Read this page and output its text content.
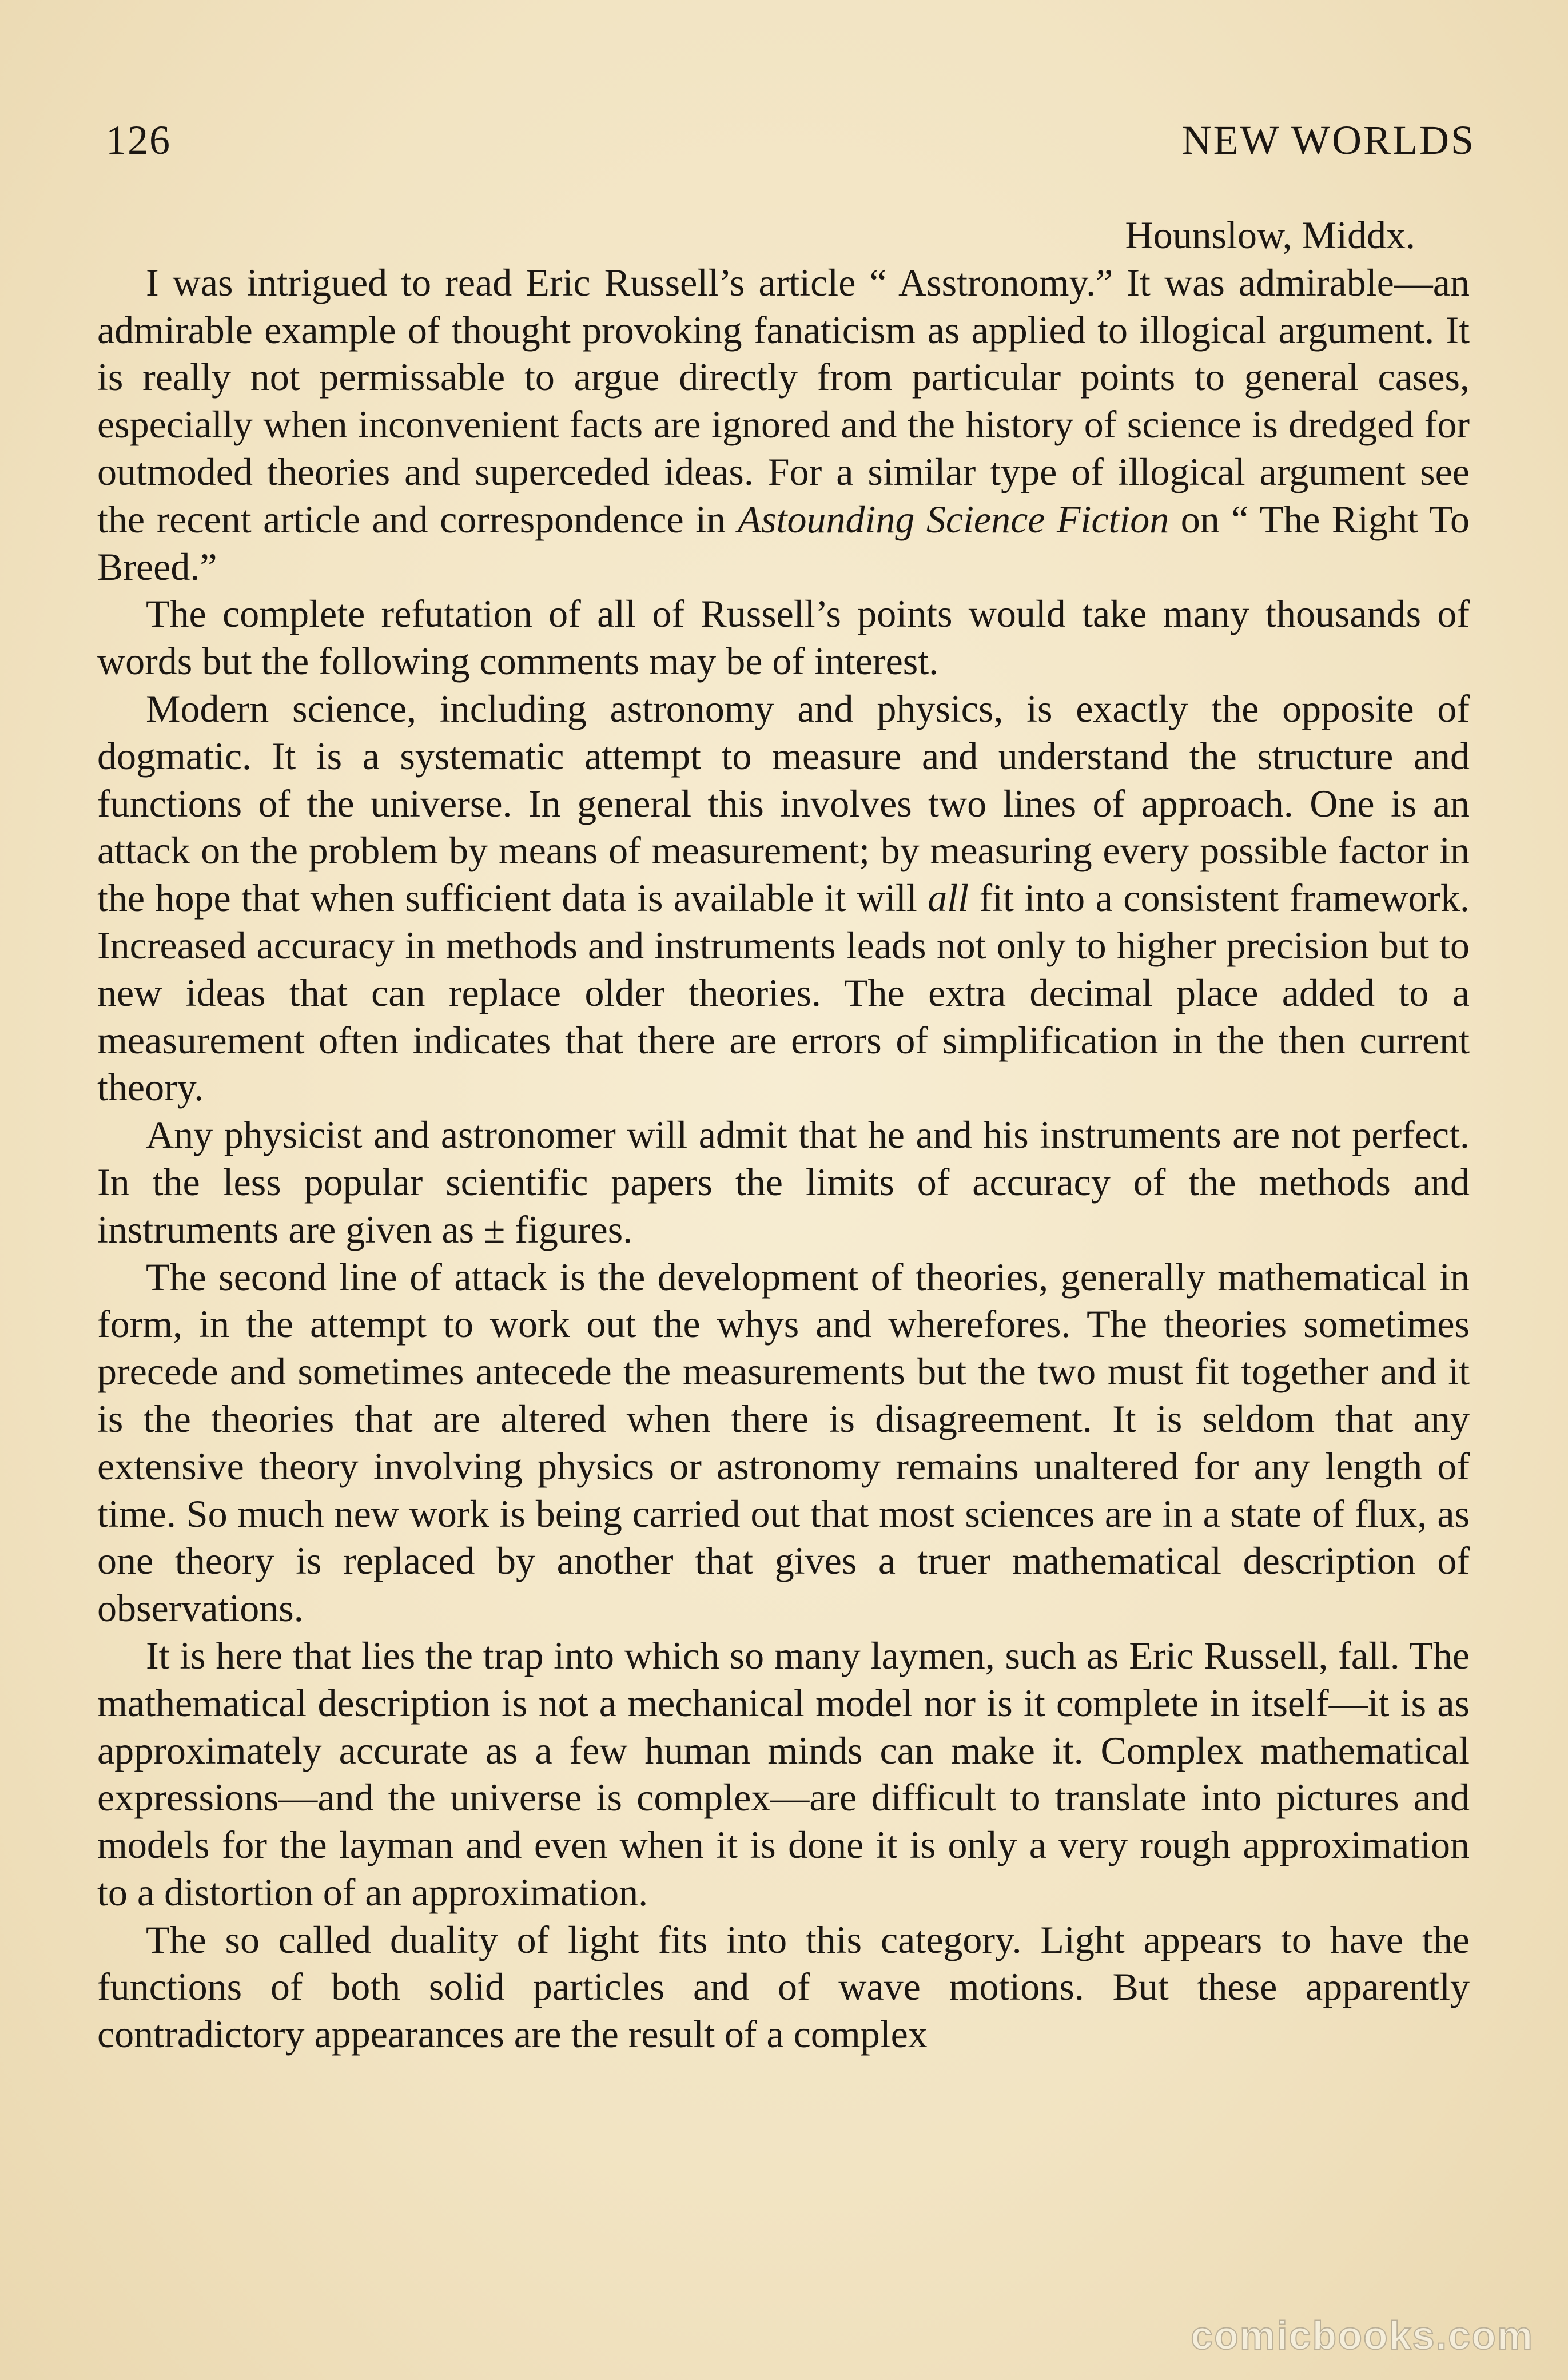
126	NEW WORLDS

Hounslow, Middx.

I was intrigued to read Eric Russell’s article “ Asstronomy.” It was admirable—an admirable example of thought provoking fanaticism as applied to illogical argument. It is really not permissable to argue directly from particular points to general cases, especially when inconvenient facts are ignored and the history of science is dredged for outmoded theories and superceded ideas. For a similar type of illogical argument see the recent article and correspondence in Astounding Science Fiction on “ The Right To Breed.”

The complete refutation of all of Russell’s points would take many thousands of words but the following comments may be of interest.

Modern science, including astronomy and physics, is exactly the opposite of dogmatic. It is a systematic attempt to measure and understand the structure and functions of the universe. In general this involves two lines of approach. One is an attack on the problem by means of measurement; by measuring every possible factor in the hope that when sufficient data is available it will all fit into a consistent framework. Increased accuracy in methods and instruments leads not only to higher precision but to new ideas that can replace older theories. The extra decimal place added to a measurement often indicates that there are errors of simplification in the then current theory.

Any physicist and astronomer will admit that he and his instruments are not perfect. In the less popular scientific papers the limits of accuracy of the methods and instruments are given as ± figures.

The second line of attack is the development of theories, generally mathematical in form, in the attempt to work out the whys and wherefores. The theories sometimes precede and sometimes antecede the measurements but the two must fit together and it is the theories that are altered when there is disagreement. It is seldom that any extensive theory involving physics or astronomy remains unaltered for any length of time. So much new work is being carried out that most sciences are in a state of flux, as one theory is replaced by another that gives a truer mathematical description of observations.

It is here that lies the trap into which so many laymen, such as Eric Russell, fall. The mathematical description is not a mechanical model nor is it complete in itself—it is as approximately accurate as a few human minds can make it. Complex mathematical expressions—and the universe is complex—are difficult to translate into pictures and models for the layman and even when it is done it is only a very rough approximation to a distortion of an approximation.

The so called duality of light fits into this category. Light appears to have the functions of both solid particles and of wave motions. But these apparently contradictory appearances are the result of a complex

comicbooks.com
